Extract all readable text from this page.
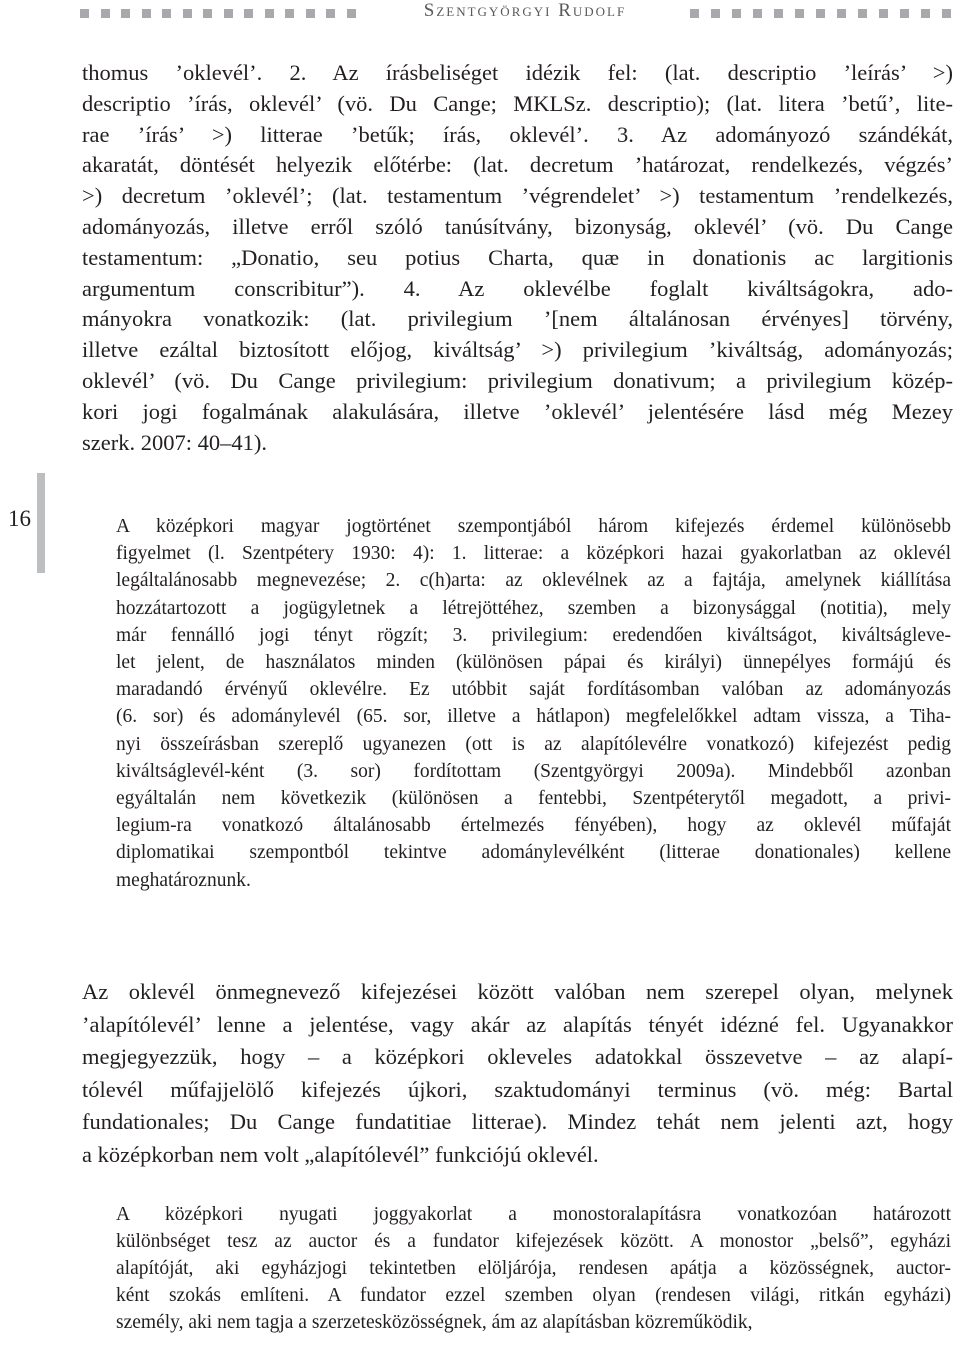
Szentgyörgyi Rudolf
16
thomus ’oklevél’. 2. Az írásbeliséget idézik fel: (lat. descriptio ’leírás’ >)
descriptio ’írás, oklevél’ (vö. Du Cange; MKLSz. descriptio); (lat. litera ’betű’, lite-
rae ’írás’ >) litterae ’betűk; írás, oklevél’. 3. Az adományozó szándékát,
akaratát, döntését helyezik előtérbe: (lat. decretum ’határozat, rendelkezés, végzés’
>) decretum ’oklevél’; (lat. testamentum ’végrendelet’ >) testamentum ’rendelkezés,
adományozás, illetve erről szóló tanúsítvány, bizonyság, oklevél’ (vö. Du Cange
testamentum: „Donatio, seu potius Charta, quæ in donationis ac largitionis
argumentum conscribitur”). 4. Az oklevélbe foglalt kiváltságokra, ado-
mányokra vonatkozik: (lat. privilegium ’[nem általánosan érvényes] törvény,
illetve ezáltal biztosított előjog, kiváltság’ >) privilegium ’kiváltság, adományozás;
oklevél’ (vö. Du Cange privilegium: privilegium donativum; a privilegium közép-
kori jogi fogalmának alakulására, illetve ’oklevél’ jelentésére lásd még Mezey
szerk. 2007: 40–41).
A középkori magyar jogtörténet szempontjából három kifejezés érdemel különösebb
figyelmet (l. Szentpétery 1930: 4): 1. litterae: a középkori hazai gyakorlatban az oklevél
legáltalánosabb megnevezése; 2. c(h)arta: az oklevélnek az a fajtája, amelynek kiállítása
hozzátartozott a jogügyletnek a létrejöttéhez, szemben a bizonysággal (notitia), mely
már fennálló jogi tényt rögzít; 3. privilegium: eredendően kiváltságot, kiváltságleve-
let jelent, de használatos minden (különösen pápai és királyi) ünnepélyes formájú és
maradandó érvényű oklevélre. Ez utóbbit saját fordításomban valóban az adományozás
(6. sor) és adománylevél (65. sor, illetve a hátlapon) megfelelőkkel adtam vissza, a Tiha-
nyi összeírásban szereplő ugyanezen (ott is az alapítólevélre vonatkozó) kifejezést pedig
kiváltságlevél-ként (3. sor) fordítottam (Szentgyörgyi 2009a). Mindebből azonban
egyáltalán nem következik (különösen a fentebbi, Szentpéterytől megadott, a privi-
legium-ra vonatkozó általánosabb értelmezés fényében), hogy az oklevél műfaját
diplomatikai szempontból tekintve adománylevélként (litterae donationales) kellene
meghatároznunk.
Az oklevél önmegnevező kifejezései között valóban nem szerepel olyan, melynek
’alapítólevél’ lenne a jelentése, vagy akár az alapítás tényét idézné fel. Ugyanakkor
megjegyezzük, hogy – a középkori okleveles adatokkal összevetve – az alapí-
tólevél műfajjelölő kifejezés újkori, szaktudományi terminus (vö. még: Bartal
fundationales; Du Cange fundatitiae litterae). Mindez tehát nem jelenti azt, hogy
a középkorban nem volt „alapítólevél” funkciójú oklevél.
A középkori nyugati joggyakorlat a monostoralapításra vonatkozóan határozott
különbséget tesz az auctor és a fundator kifejezések között. A monostor „belső”, egyházi
alapítóját, aki egyházjogi tekintetben elöljárója, rendesen apátja a közösségnek, auctor-
ként szokás említeni. A fundator ezzel szemben olyan (rendesen világi, ritkán egyházi)
személy, aki nem tagja a szerzetesközösségnek, ám az alapításban közreműködik,
